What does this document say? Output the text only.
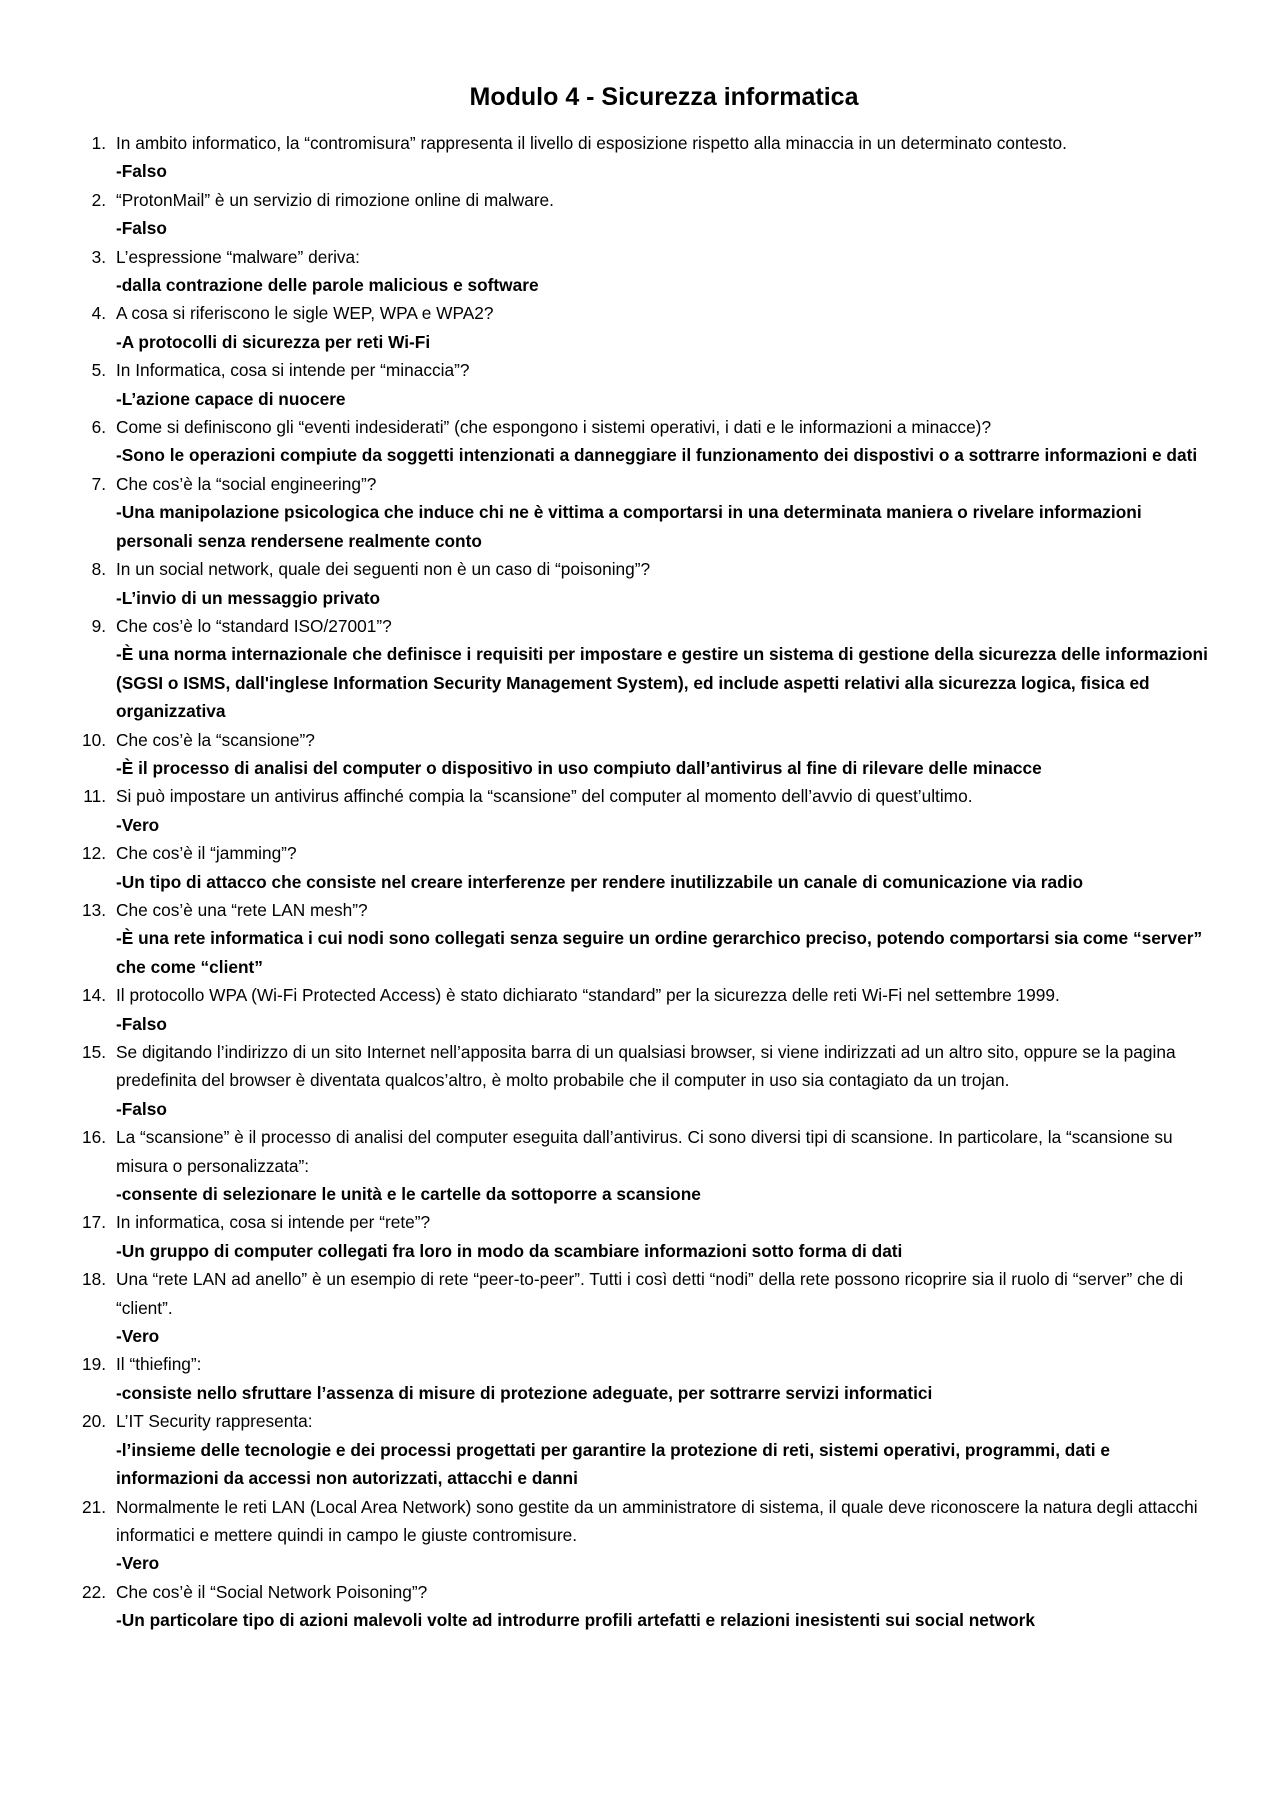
Modulo 4 - Sicurezza informatica
1. In ambito informatico, la “contromisura” rappresenta il livello di esposizione rispetto alla minaccia in un determinato contesto.
-Falso
2. “ProtonMail” è un servizio di rimozione online di malware.
-Falso
3. L’espressione “malware” deriva:
-dalla contrazione delle parole malicious e software
4. A cosa si riferiscono le sigle WEP, WPA e WPA2?
-A protocolli di sicurezza per reti Wi-Fi
5. In Informatica, cosa si intende per “minaccia”?
-L’azione capace di nuocere
6. Come si definiscono gli “eventi indesiderati” (che espongono i sistemi operativi, i dati e le informazioni a minacce)?
-Sono le operazioni compiute da soggetti intenzionati a danneggiare il funzionamento dei dispostivi o a sottrarre informazioni e dati
7. Che cos’è la “social engineering”?
-Una manipolazione psicologica che induce chi ne è vittima a comportarsi in una determinata maniera o rivelare informazioni personali senza rendersene realmente conto
8. In un social network, quale dei seguenti non è un caso di “poisoning”?
-L’invio di un messaggio privato
9. Che cos’è lo “standard ISO/27001”?
-È una norma internazionale che definisce i requisiti per impostare e gestire un sistema di gestione della sicurezza delle informazioni (SGSI o ISMS, dall'inglese Information Security Management System), ed include aspetti relativi alla sicurezza logica, fisica ed organizzativa
10. Che cos’è la “scansione”?
-È il processo di analisi del computer o dispositivo in uso compiuto dall’antivirus al fine di rilevare delle minacce
11. Si può impostare un antivirus affinché compia la “scansione” del computer al momento dell’avvio di quest’ultimo.
-Vero
12. Che cos’è il “jamming”?
-Un tipo di attacco che consiste nel creare interferenze per rendere inutilizzabile un canale di comunicazione via radio
13. Che cos’è una “rete LAN mesh”?
-È una rete informatica i cui nodi sono collegati senza seguire un ordine gerarchico preciso, potendo comportarsi sia come “server” che come “client”
14. Il protocollo WPA (Wi-Fi Protected Access) è stato dichiarato “standard” per la sicurezza delle reti Wi-Fi nel settembre 1999.
-Falso
15. Se digitando l’indirizzo di un sito Internet nell’apposita barra di un qualsiasi browser, si viene indirizzati ad un altro sito, oppure se la pagina predefinita del browser è diventata qualcos’altro, è molto probabile che il computer in uso sia contagiato da un trojan.
-Falso
16. La “scansione” è il processo di analisi del computer eseguita dall’antivirus. Ci sono diversi tipi di scansione. In particolare, la “scansione su misura o personalizzata”:
-consente di selezionare le unità e le cartelle da sottoporre a scansione
17. In informatica, cosa si intende per “rete”?
-Un gruppo di computer collegati fra loro in modo da scambiare informazioni sotto forma di dati
18. Una “rete LAN ad anello” è un esempio di rete “peer-to-peer”. Tutti i così detti “nodi” della rete possono ricoprire sia il ruolo di “server” che di “client”.
-Vero
19. Il “thiefing”:
-consiste nello sfruttare l’assenza di misure di protezione adeguate, per sottrarre servizi informatici
20. L’IT Security rappresenta:
-l’insieme delle tecnologie e dei processi progettati per garantire la protezione di reti, sistemi operativi, programmi, dati e informazioni da accessi non autorizzati, attacchi e danni
21. Normalmente le reti LAN (Local Area Network) sono gestite da un amministratore di sistema, il quale deve riconoscere la natura degli attacchi informatici e mettere quindi in campo le giuste contromisure.
-Vero
22. Che cos’è il “Social Network Poisoning”?
-Un particolare tipo di azioni malevoli volte ad introdurre profili artefatti e relazioni inesistenti sui social network
